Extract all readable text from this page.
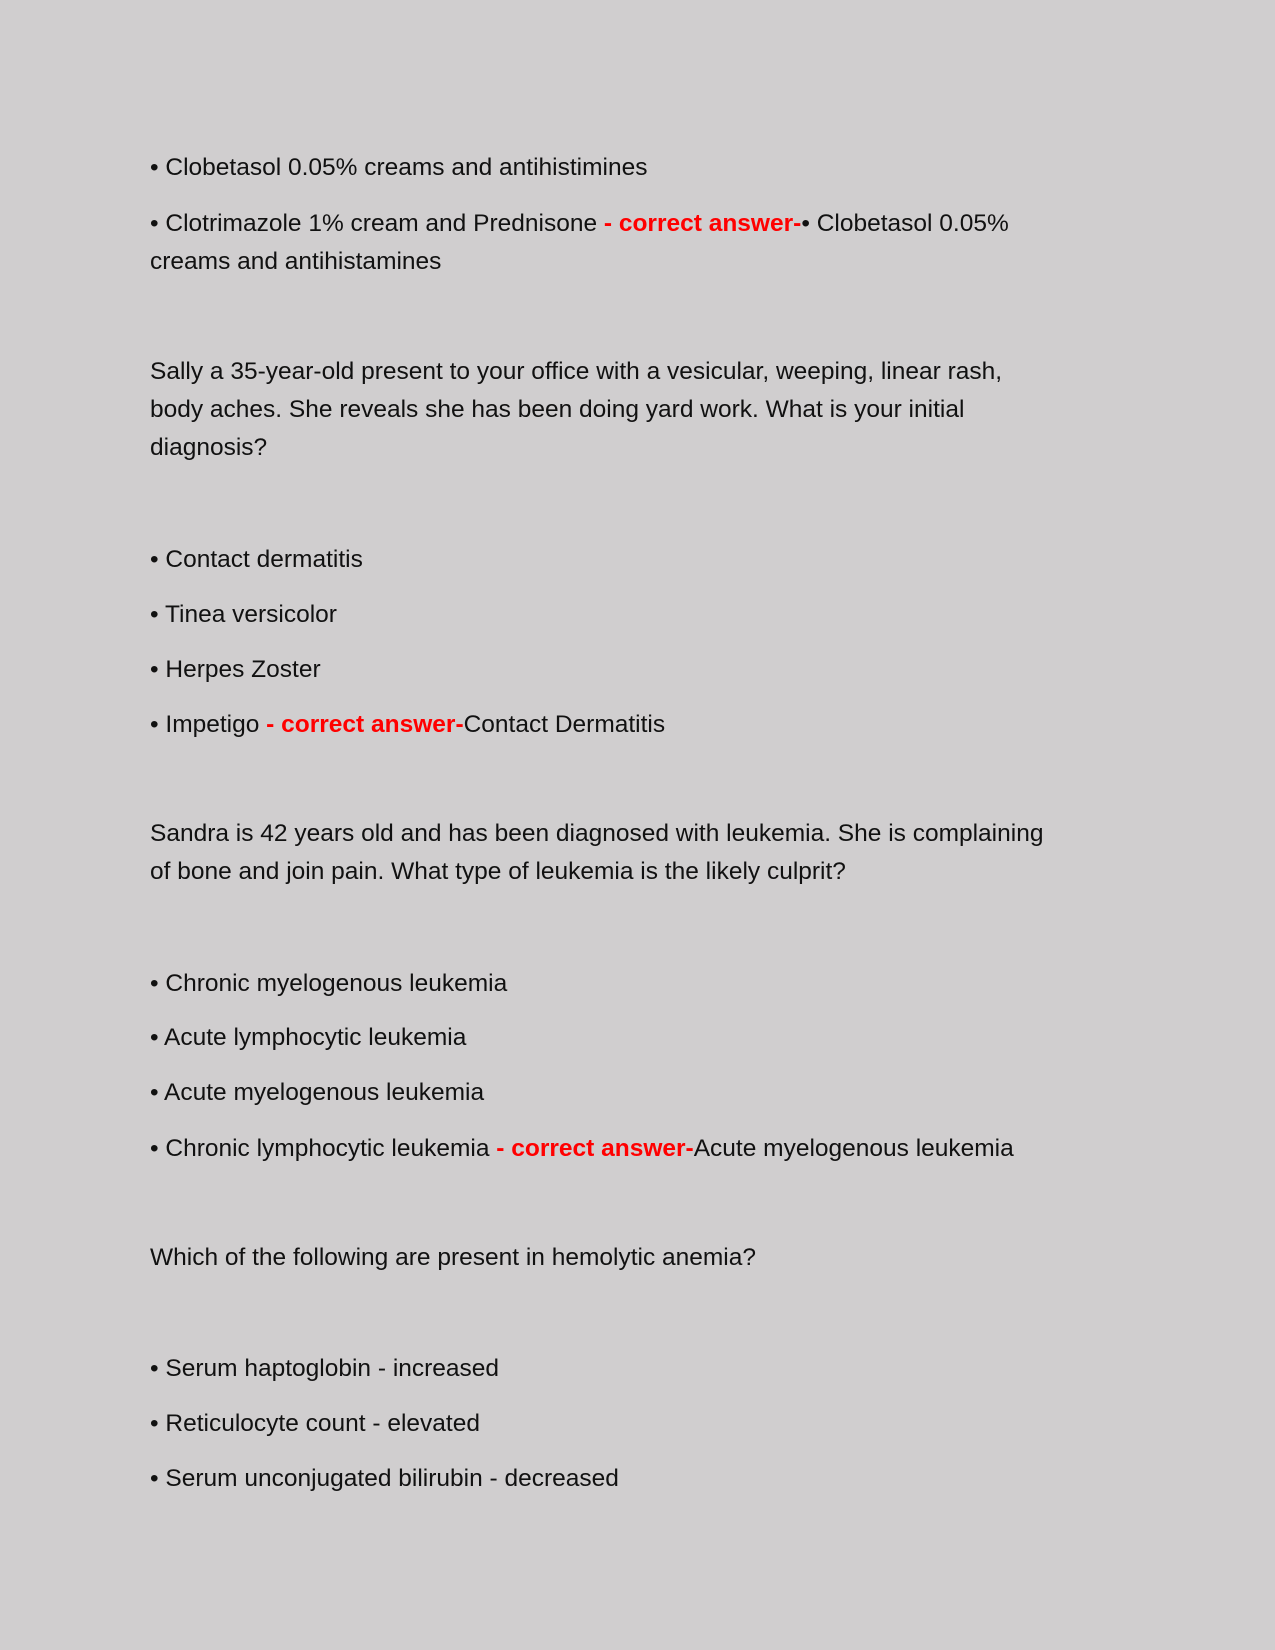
• Clobetasol 0.05% creams and antihistimines
• Clotrimazole 1% cream and Prednisone - correct answer-• Clobetasol 0.05%
creams and antihistamines
Sally a 35-year-old present to your office with a vesicular, weeping, linear rash,
body aches. She reveals she has been doing yard work. What is your initial
diagnosis?
• Contact dermatitis
• Tinea versicolor
• Herpes Zoster
• Impetigo - correct answer-Contact Dermatitis
Sandra is 42 years old and has been diagnosed with leukemia. She is complaining
of bone and join pain. What type of leukemia is the likely culprit?
• Chronic myelogenous leukemia
• Acute lymphocytic leukemia
• Acute myelogenous leukemia
• Chronic lymphocytic leukemia - correct answer-Acute myelogenous leukemia
Which of the following are present in hemolytic anemia?
• Serum haptoglobin - increased
• Reticulocyte count - elevated
• Serum unconjugated bilirubin - decreased
